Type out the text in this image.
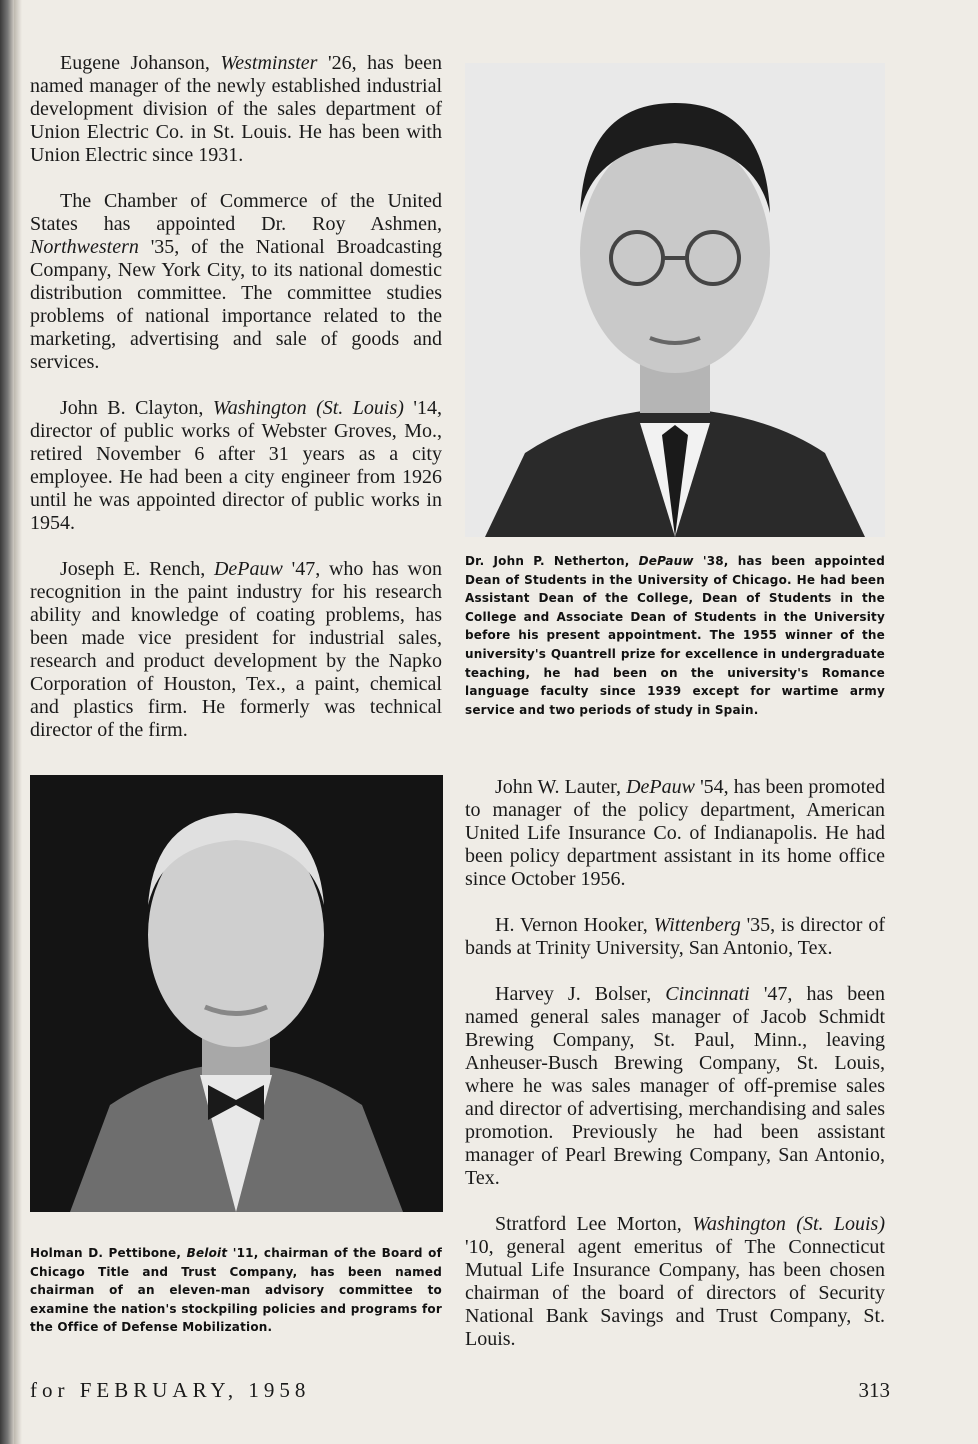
Eugene Johanson, Westminster '26, has been named manager of the newly established industrial development division of the sales department of Union Electric Co. in St. Louis. He has been with Union Electric since 1931.

The Chamber of Commerce of the United States has appointed Dr. Roy Ashmen, Northwestern '35, of the National Broadcasting Company, New York City, to its national domestic distribution committee. The committee studies problems of national importance related to the marketing, advertising and sale of goods and services.

John B. Clayton, Washington (St. Louis) '14, director of public works of Webster Groves, Mo., retired November 6 after 31 years as a city employee. He had been a city engineer from 1926 until he was appointed director of public works in 1954.

Joseph E. Rench, DePauw '47, who has won recognition in the paint industry for his research ability and knowledge of coating problems, has been made vice president for industrial sales, research and product development by the Napko Corporation of Houston, Tex., a paint, chemical and plastics firm. He formerly was technical director of the firm.

Dr. John P. Netherton, DePauw '38, has been appointed Dean of Students in the University of Chicago. He had been Assistant Dean of the College, Dean of Students in the College and Associate Dean of Students in the University before his present appointment. The 1955 winner of the university's Quantrell prize for excellence in undergraduate teaching, he had been on the university's Romance language faculty since 1939 except for wartime army service and two periods of study in Spain.

John W. Lauter, DePauw '54, has been promoted to manager of the policy department, American United Life Insurance Co. of Indianapolis. He had been policy department assistant in its home office since October 1956.

H. Vernon Hooker, Wittenberg '35, is director of bands at Trinity University, San Antonio, Tex.

Harvey J. Bolser, Cincinnati '47, has been named general sales manager of Jacob Schmidt Brewing Company, St. Paul, Minn., leaving Anheuser-Busch Brewing Company, St. Louis, where he was sales manager of off-premise sales and director of advertising, merchandising and sales promotion. Previously he had been assistant manager of Pearl Brewing Company, San Antonio, Tex.

Stratford Lee Morton, Washington (St. Louis) '10, general agent emeritus of The Connecticut Mutual Life Insurance Company, has been chosen chairman of the board of directors of Security National Bank Savings and Trust Company, St. Louis.

Holman D. Pettibone, Beloit '11, chairman of the Board of Chicago Title and Trust Company, has been named chairman of an eleven-man advisory committee to examine the nation's stockpiling policies and programs for the Office of Defense Mobilization.
for FEBRUARY, 1958	313
